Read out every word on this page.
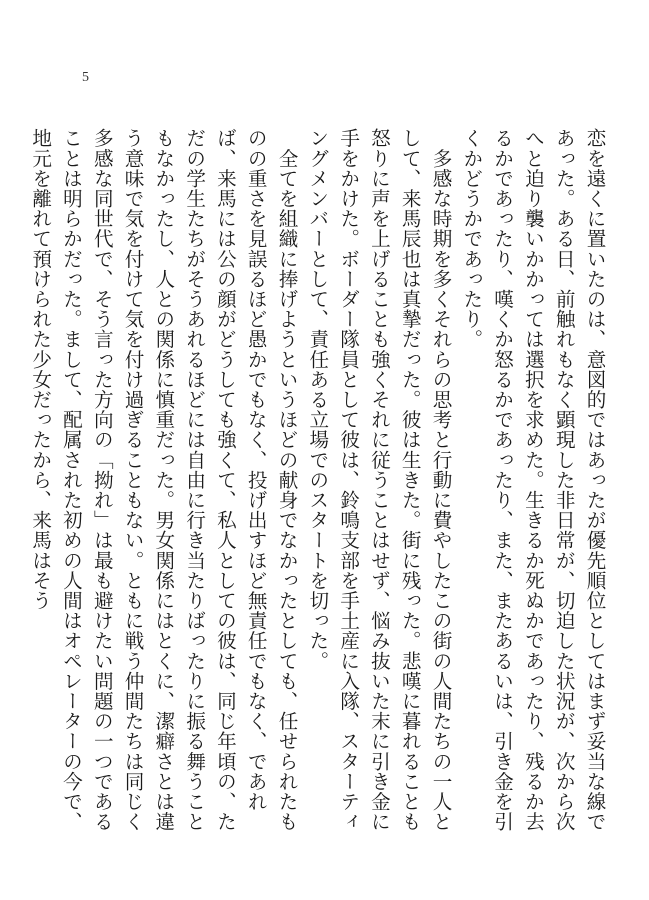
5

恋を遠くに置いたのは、意図的ではあったが優先順位としてはまず妥当な線であった。ある日、前触れもなく顕現した非日常が、切迫した状況が、次から次へと迫り襲いかかっては選択を求めた。生きるか死ぬかであったり、残るか去るかであったり、嘆くか怒るかであったり、また、またあるいは、引き金を引くかどうかであったり。

　多感な時期を多くそれらの思考と行動に費やしたこの街の人間たちの一人として、来馬辰也は真摯だった。彼は生きた。街に残った。悲嘆に暮れることも怒りに声を上げることも強くそれに従うことはせず、悩み抜いた末に引き金に手をかけた。ボーダー隊員として彼は、鈴鳴支部を手土産に入隊、スターティングメンバーとして、責任ある立場でのスタートを切った。

　全てを組織に捧げようというほどの献身でなかったとしても、任せられたものの重さを見誤るほど愚かでもなく、投げ出すほど無責任でもなく、であれば、来馬には公の顔がどうしても強くて、私人としての彼は、同じ年頃の、ただの学生たちがそうあれるほどには自由に行き当たりばったりに振る舞うこともなかったし、人との関係に慎重だった。男女関係にはとくに、潔癖さとは違う意味で気を付けて気を付け過ぎることもない。ともに戦う仲間たちは同じく多感な同世代で、そう言った方向の「拗れ」は最も避けたい問題の一つであることは明らかだった。まして、配属された初めの人間はオペレーターの今で、地元を離れて預けられた少女だったから、来馬はそう
